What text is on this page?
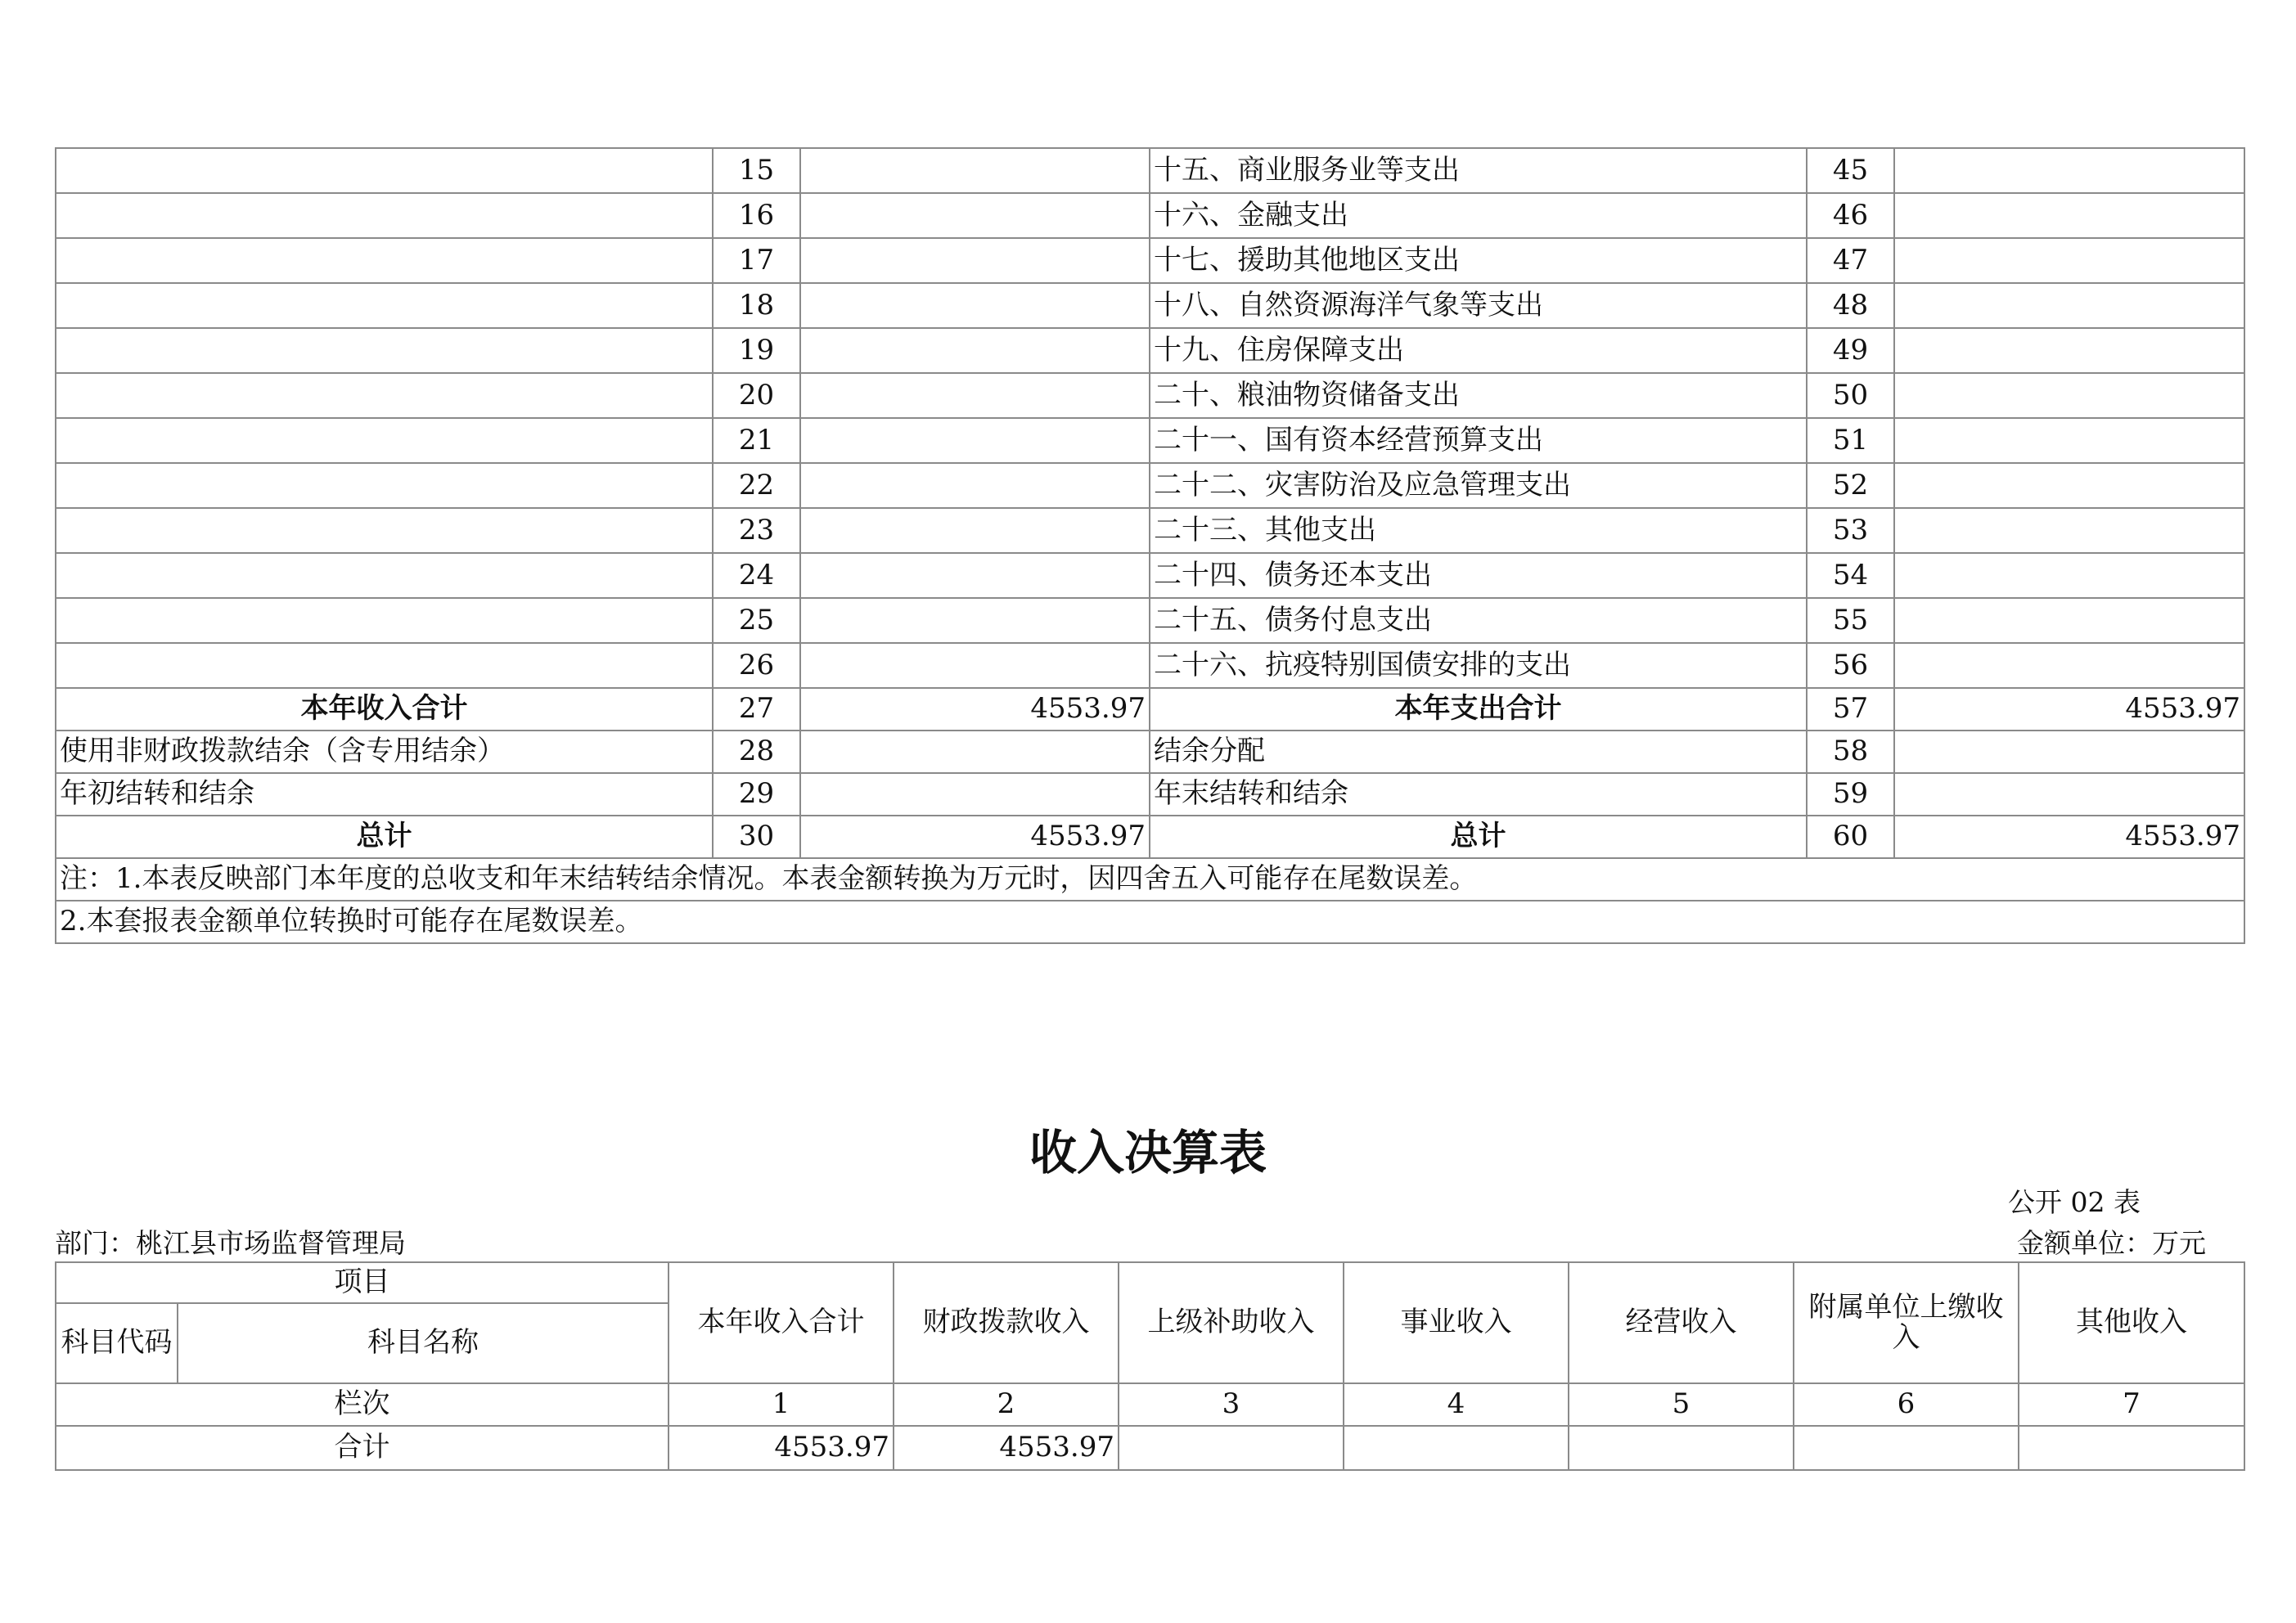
	15		十五、商业服务业等支出	45	
	16		十六、金融支出	46	
	17		十七、援助其他地区支出	47	
	18		十八、自然资源海洋气象等支出	48	
	19		十九、住房保障支出	49	
	20		二十、粮油物资储备支出	50	
	21		二十一、国有资本经营预算支出	51	
	22		二十二、灾害防治及应急管理支出	52	
	23		二十三、其他支出	53	
	24		二十四、债务还本支出	54	
	25		二十五、债务付息支出	55	
	26		二十六、抗疫特别国债安排的支出	56	
本年收入合计	27	4553.97	本年支出合计	57	4553.97
使用非财政拨款结余（含专用结余）	28		结余分配	58	
年初结转和结余	29		年末结转和结余	59	
总计	30	4553.97	总计	60	4553.97
注：1.本表反映部门本年度的总收支和年末结转结余情况。本表金额转换为万元时，因四舍五入可能存在尾数误差。					
2.本套报表金额单位转换时可能存在尾数误差。					
收入决算表
公开 02 表
部门：桃江县市场监督管理局	金额单位：万元
项目		本年收入合计	财政拨款收入	上级补助收入	事业收入	经营收入	附属单位上缴收入	其他收入
科目代码	科目名称							
栏次		1	2	3	4	5	6	7
合计		4553.97	4553.97					
